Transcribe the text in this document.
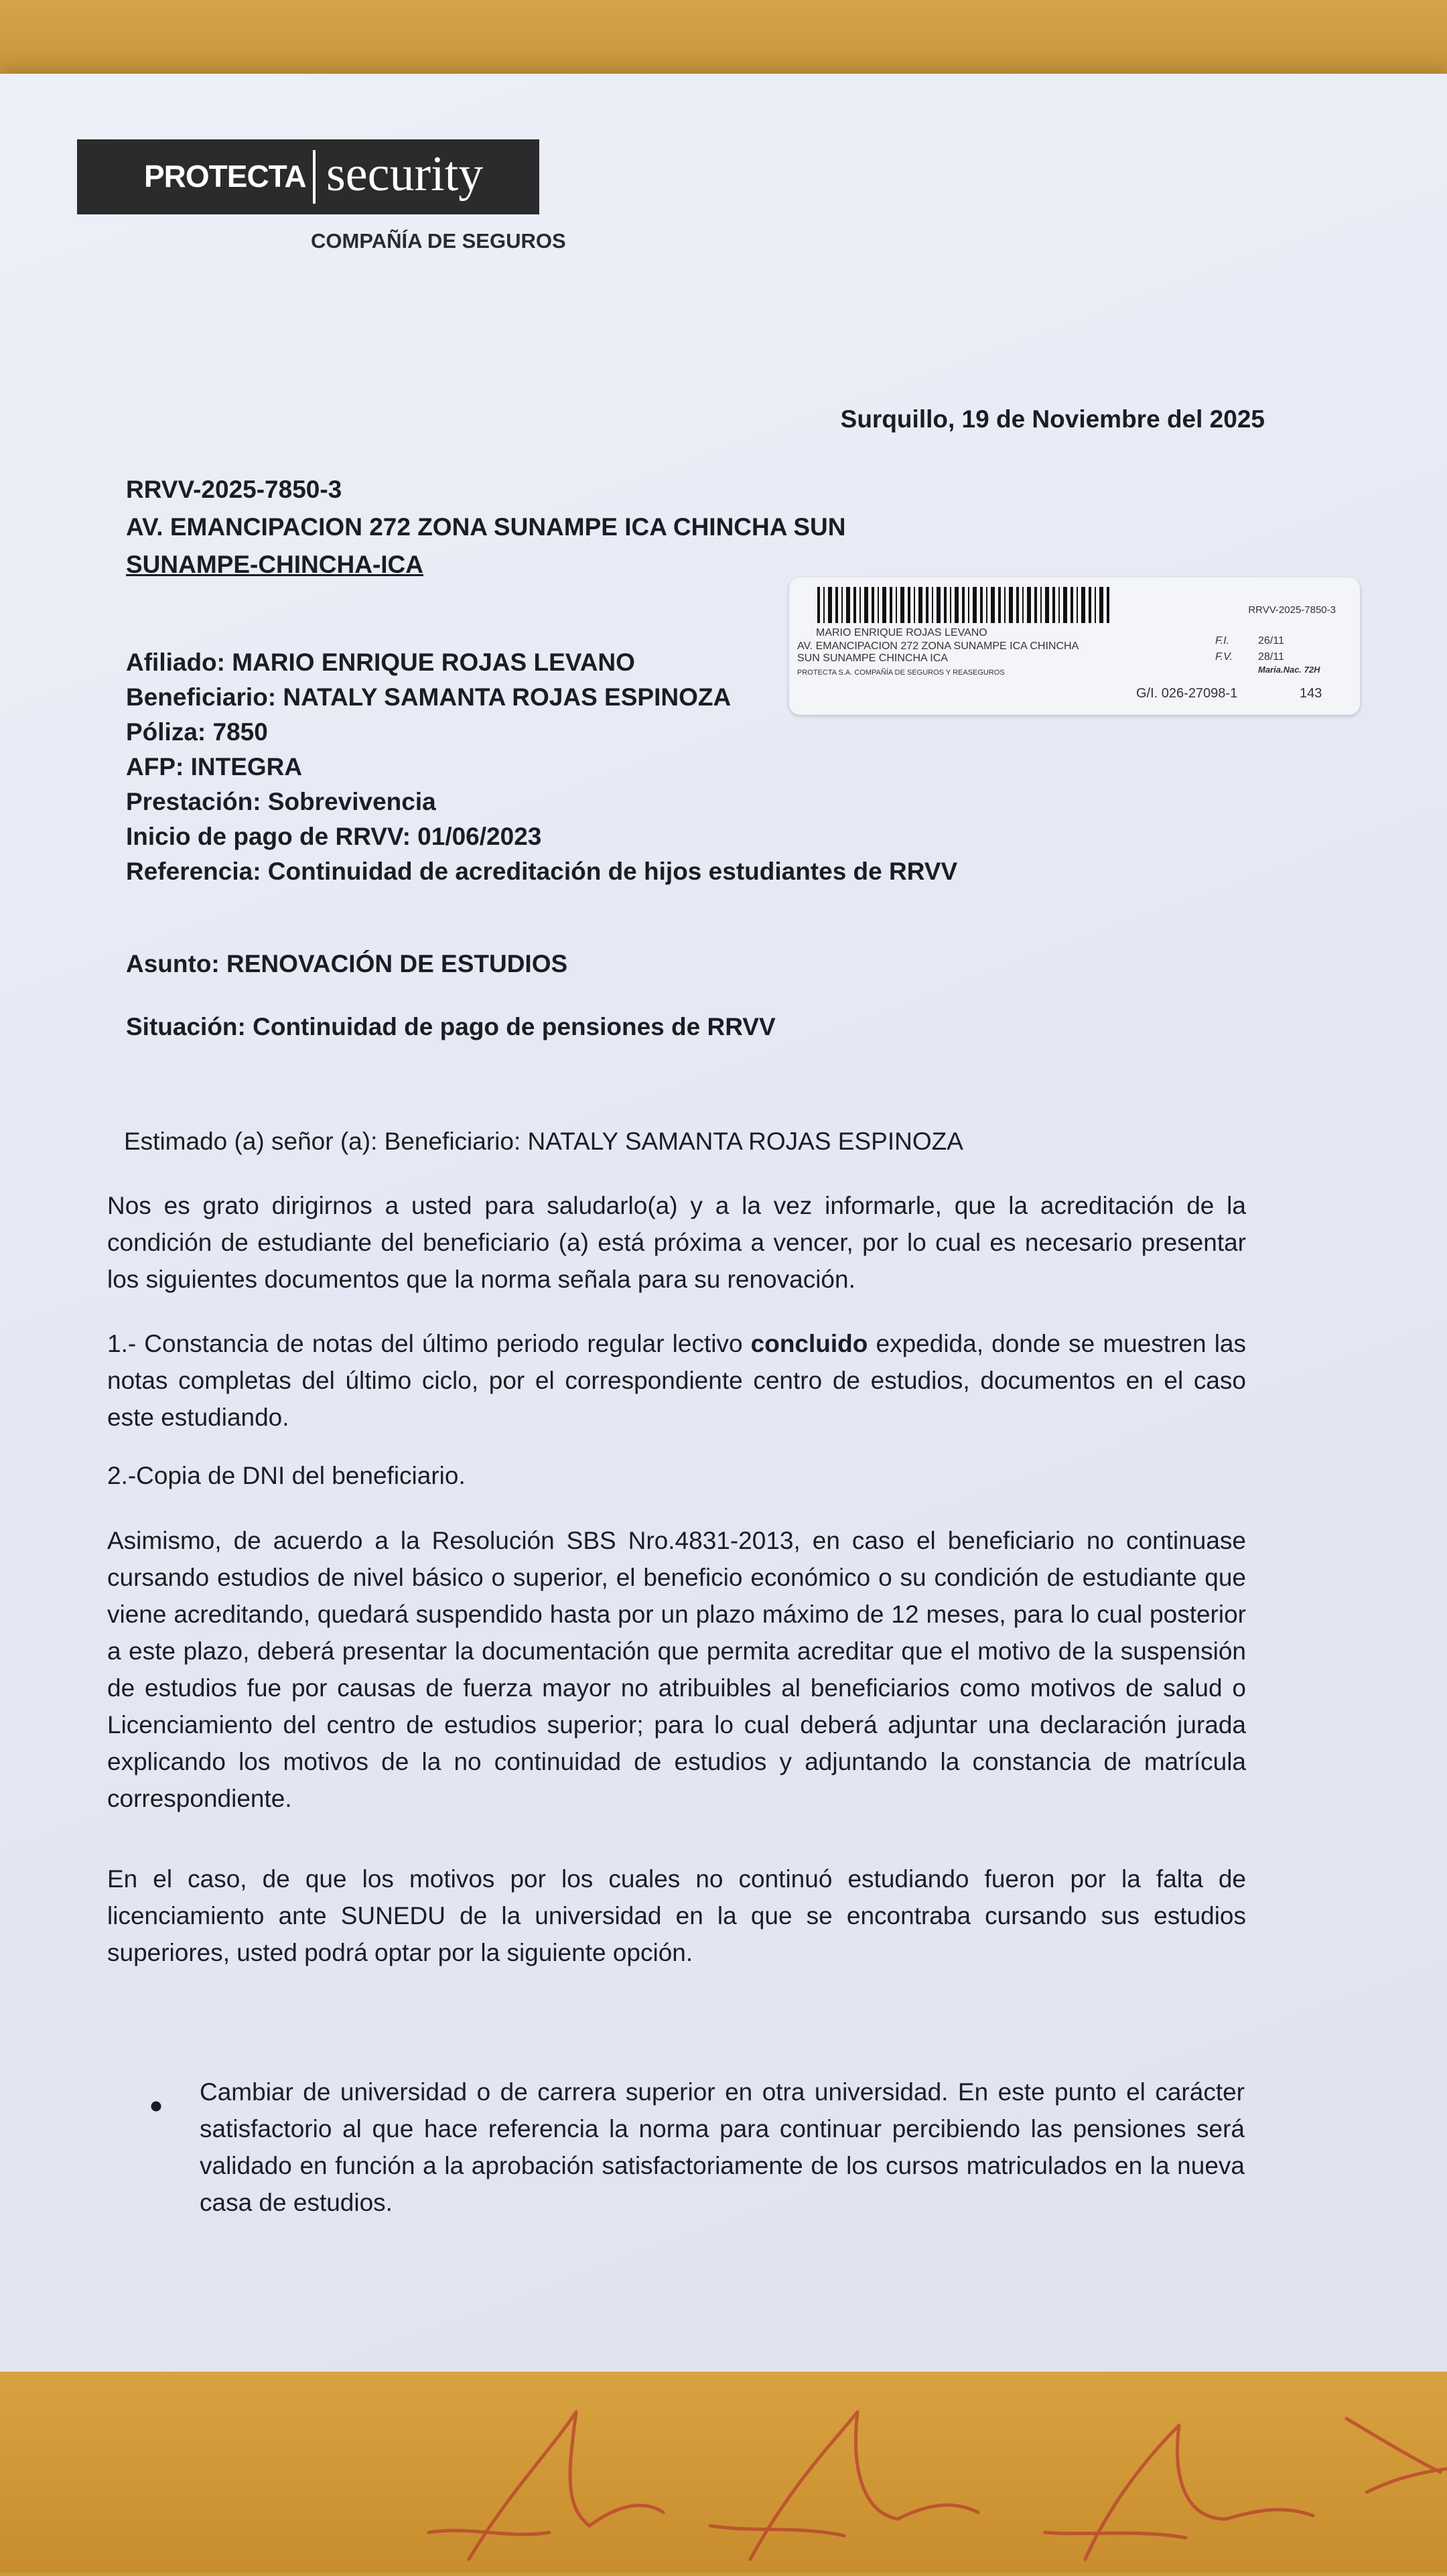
PROTECTA security
COMPAÑÍA DE SEGUROS
Surquillo, 19 de Noviembre del 2025
RRVV-2025-7850-3
AV. EMANCIPACION 272 ZONA SUNAMPE ICA CHINCHA SUN
SUNAMPE-CHINCHA-ICA
RRVV-2025-7850-3
MARIO ENRIQUE ROJAS LEVANO
AV. EMANCIPACION 272 ZONA SUNAMPE ICA CHINCHA
SUN SUNAMPE CHINCHA ICA
PROTECTA S.A. COMPAÑÍA DE SEGUROS Y REASEGUROS
F.I.	26/11
F.V. 28/11
Maria.Nac. 72H
G/I. 026-27098-1	143
Afiliado: MARIO ENRIQUE ROJAS LEVANO
Beneficiario: NATALY SAMANTA ROJAS ESPINOZA
Póliza: 7850
AFP: INTEGRA
Prestación: Sobrevivencia
Inicio de pago de RRVV: 01/06/2023
Referencia: Continuidad de acreditación de hijos estudiantes de RRVV
Asunto: RENOVACIÓN DE ESTUDIOS
Situación: Continuidad de pago de pensiones de RRVV
Estimado (a) señor (a): Beneficiario: NATALY SAMANTA ROJAS ESPINOZA
Nos es grato dirigirnos a usted para saludarlo(a) y a la vez informarle, que la acreditación de la condición de estudiante del beneficiario (a) está próxima a vencer, por lo cual es necesario presentar los siguientes documentos que la norma señala para su renovación.
1.- Constancia de notas del último periodo regular lectivo concluido expedida, donde se muestren las notas completas del último ciclo, por el correspondiente centro de estudios, documentos en el caso este estudiando.
2.-Copia de DNI del beneficiario.
Asimismo, de acuerdo a la Resolución SBS Nro.4831-2013, en caso el beneficiario no continuase cursando estudios de nivel básico o superior, el beneficio económico o su condición de estudiante que viene acreditando, quedará suspendido hasta por un plazo máximo de 12 meses, para lo cual posterior a este plazo, deberá presentar la documentación que permita acreditar que el motivo de la suspensión de estudios fue por causas de fuerza mayor no atribuibles al beneficiarios como motivos de salud o Licenciamiento del centro de estudios superior; para lo cual deberá adjuntar una declaración jurada explicando los motivos de la no continuidad de estudios y adjuntando la constancia de matrícula correspondiente.
En el caso, de que los motivos por los cuales no continuó estudiando fueron por la falta de licenciamiento ante SUNEDU de la universidad en la que se encontraba cursando sus estudios superiores, usted podrá optar por la siguiente opción.
Cambiar de universidad o de carrera superior en otra universidad. En este punto el carácter satisfactorio al que hace referencia la norma para continuar percibiendo las pensiones será validado en función a la aprobación satisfactoriamente de los cursos matriculados en la nueva casa de estudios.
